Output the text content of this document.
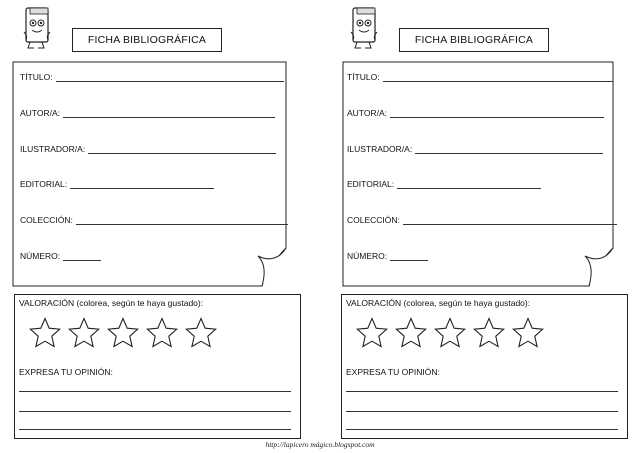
FICHA BIBLIOGRÁFICA
TÍTULO:
AUTOR/A:
ILUSTRADOR/A:
EDITORIAL:
COLECCIÓN:
NÚMERO:
VALORACIÓN (colorea, según te haya gustado):
EXPRESA TU OPINIÓN:
FICHA BIBLIOGRÁFICA
TÍTULO:
AUTOR/A:
ILUSTRADOR/A:
EDITORIAL:
COLECCIÓN:
NÚMERO:
VALORACIÓN (colorea, según te haya gustado):
EXPRESA TU OPINIÓN:
http://lapicero mágico.blogspot.com
